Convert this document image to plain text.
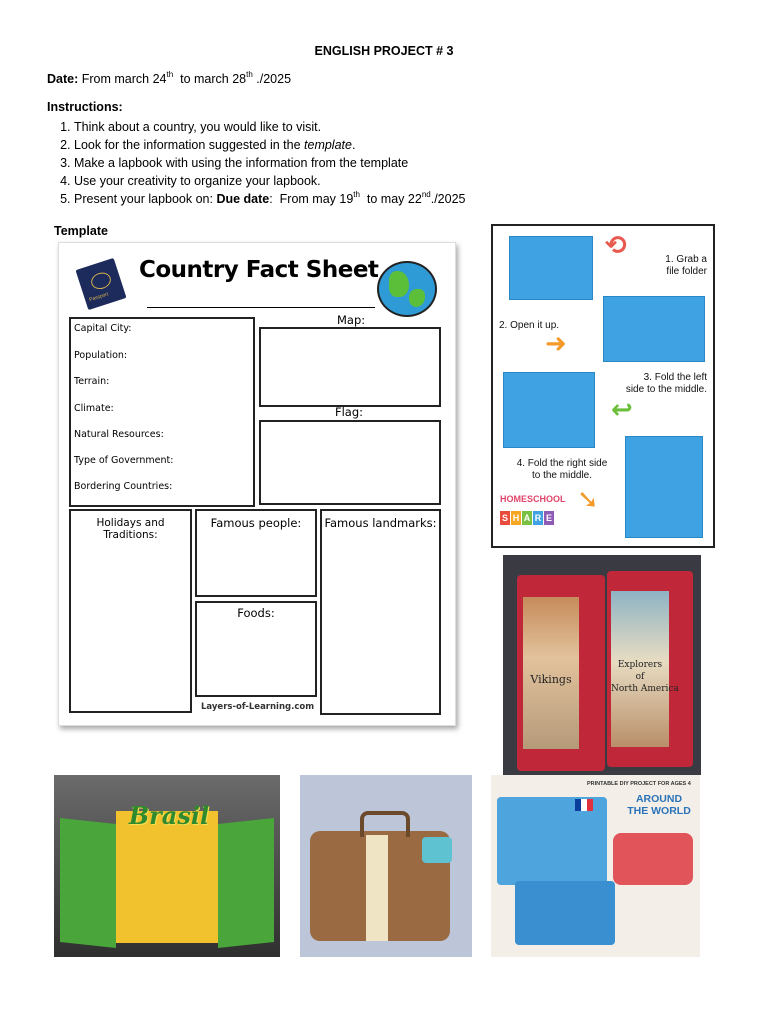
ENGLISH PROJECT # 3
Date: From march 24th  to march 28th ./2025
Instructions:
1. Think about a country, you would like to visit.
2. Look for the information suggested in the template.
3. Make a lapbook with using the information from the template
4. Use your creativity to organize your lapbook.
5. Present your lapbook on: Due date:  From may 19th  to may 22nd./2025
Template
Passport
Country Fact Sheet
Capital City:
Population:
Terrain:
Climate:
Natural Resources:
Type of Government:
Bordering Countries:
Map:
Flag:
Holidays and Traditions:
Famous people:
Foods:
Famous landmarks:
Layers-of-Learning.com
⟲	1. Grab a
file folder
2. Open it up.
➜
3. Fold the left
side to the middle.
↩
4. Fold the right side
to the middle.
➘
HOMESCHOOL
S H A R E
Vikings
Explorers
of
North America
Brasil
PRINTABLE DIY PROJECT FOR AGES 4
AROUND
THE WORLD
